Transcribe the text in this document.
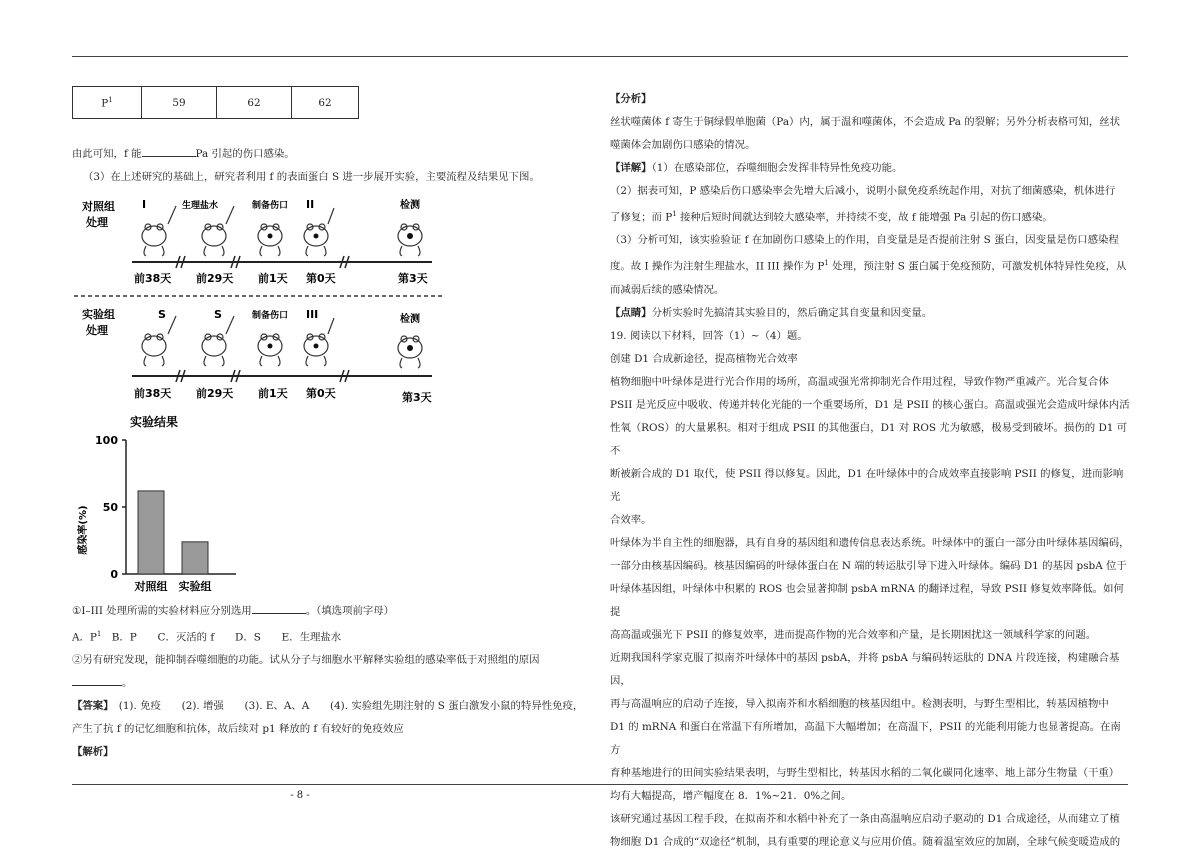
$P^1$	59	62	62

由此可知，f 能	Pa 引起的伤口感染。

（3）在上述研究的基础上，研究者利用 f 的表面蛋白 S 进一步展开实验，主要流程及结果见下图。

对照组
处理
I	生理盐水	制备伤口 II	检测
前38天 前29天 前1天 第0天	第3天
实验组
处理
S	S	制备伤口 III	检测
前38天 前29天 前1天 第0天	第3天
实验结果
0
50
100
感染率(%)
对照组 实验组

①I–III 处理所需的实验材料应分别选用	。（填选项前字母）

A．$P^1$　B．P　　C．灭活的 f　　D．S　　E．生理盐水

②另有研究发现，能抑制吞噬细胞的功能。试从分子与细胞水平解释实验组的感染率低于对照组的原因

。

【答案】　(1). 免疫　　(2). 增强　　(3). E、A、A　　(4). 实验组先期注射的 S 蛋白激发小鼠的特异性免疫，

产生了抗 f 的记忆细胞和抗体，故后续对 p1 释放的 f 有较好的免疫效应

【解析】

【分析】

丝状噬菌体 f 寄生于铜绿假单胞菌（Pa）内，属于温和噬菌体，不会造成 Pa 的裂解；另外分析表格可知，丝状

噬菌体会加剧伤口感染的情况。

【详解】（1）在感染部位，吞噬细胞会发挥非特异性免疫功能。

（2）据表可知，P 感染后伤口感染率会先增大后减小，说明小鼠免疫系统起作用，对抗了细菌感染，机体进行

了修复；而 $P^1$ 接种后短时间就达到较大感染率，并持续不变，故 f 能增强 Pa 引起的伤口感染。

（3）分析可知，该实验验证 f 在加剧伤口感染上的作用，自变量是是否提前注射 S 蛋白，因变量是伤口感染程

度。故 I 操作为注射生理盐水，II III 操作为 $P^1$ 处理，预注射 S 蛋白属于免疫预防，可激发机体特异性免疫，从

而减弱后续的感染情况。

【点睛】分析实验时先搞清其实验目的，然后确定其自变量和因变量。

19. 阅读以下材料，回答（1）~（4）题。

创建 D1 合成新途径，提高植物光合效率

植物细胞中叶绿体是进行光合作用的场所，高温或强光常抑制光合作用过程，导致作物严重减产。光合复合体

PSII 是光反应中吸收、传递并转化光能的一个重要场所，D1 是 PSII 的核心蛋白。高温或强光会造成叶绿体内活

性氧（ROS）的大量累积。相对于组成 PSII 的其他蛋白，D1 对 ROS 尤为敏感，极易受到破坏。损伤的 D1 可不

断被新合成的 D1 取代，使 PSII 得以修复。因此，D1 在叶绿体中的合成效率直接影响 PSII 的修复，进而影响光

合效率。

叶绿体为半自主性的细胞器，具有自身的基因组和遗传信息表达系统。叶绿体中的蛋白一部分由叶绿体基因编码，

一部分由核基因编码。核基因编码的叶绿体蛋白在 N 端的转运肽引导下进入叶绿体。编码 D1 的基因 psbA 位于

叶绿体基因组，叶绿体中积累的 ROS 也会显著抑制 psbA mRNA 的翻译过程，导致 PSII 修复效率降低。如何提

高高温或强光下 PSII 的修复效率，进而提高作物的光合效率和产量，是长期困扰这一领域科学家的问题。

近期我国科学家克服了拟南芥叶绿体中的基因 psbA，并将 psbA 与编码转运肽的 DNA 片段连接，构建融合基因，

再与高温响应的启动子连接，导入拟南芥和水稻细胞的核基因组中。检测表明，与野生型相比，转基因植物中

D1 的 mRNA 和蛋白在常温下有所增加，高温下大幅增加；在高温下，PSII 的光能利用能力也显著提高。在南方

育种基地进行的田间实验结果表明，与野生型相比，转基因水稻的二氧化碳同化速率、地上部分生物量（干重）

均有大幅提高，增产幅度在 8．1%~21．0%之间。

该研究通过基因工程手段，在拟南芥和水稻中补充了一条由高温响应启动子驱动的 D1 合成途径，从而建立了植

物细胞 D1 合成的“双途径”机制，具有重要的理论意义与应用价值。随着温室效应的加剧，全球气候变暖造成的

- 8 -
